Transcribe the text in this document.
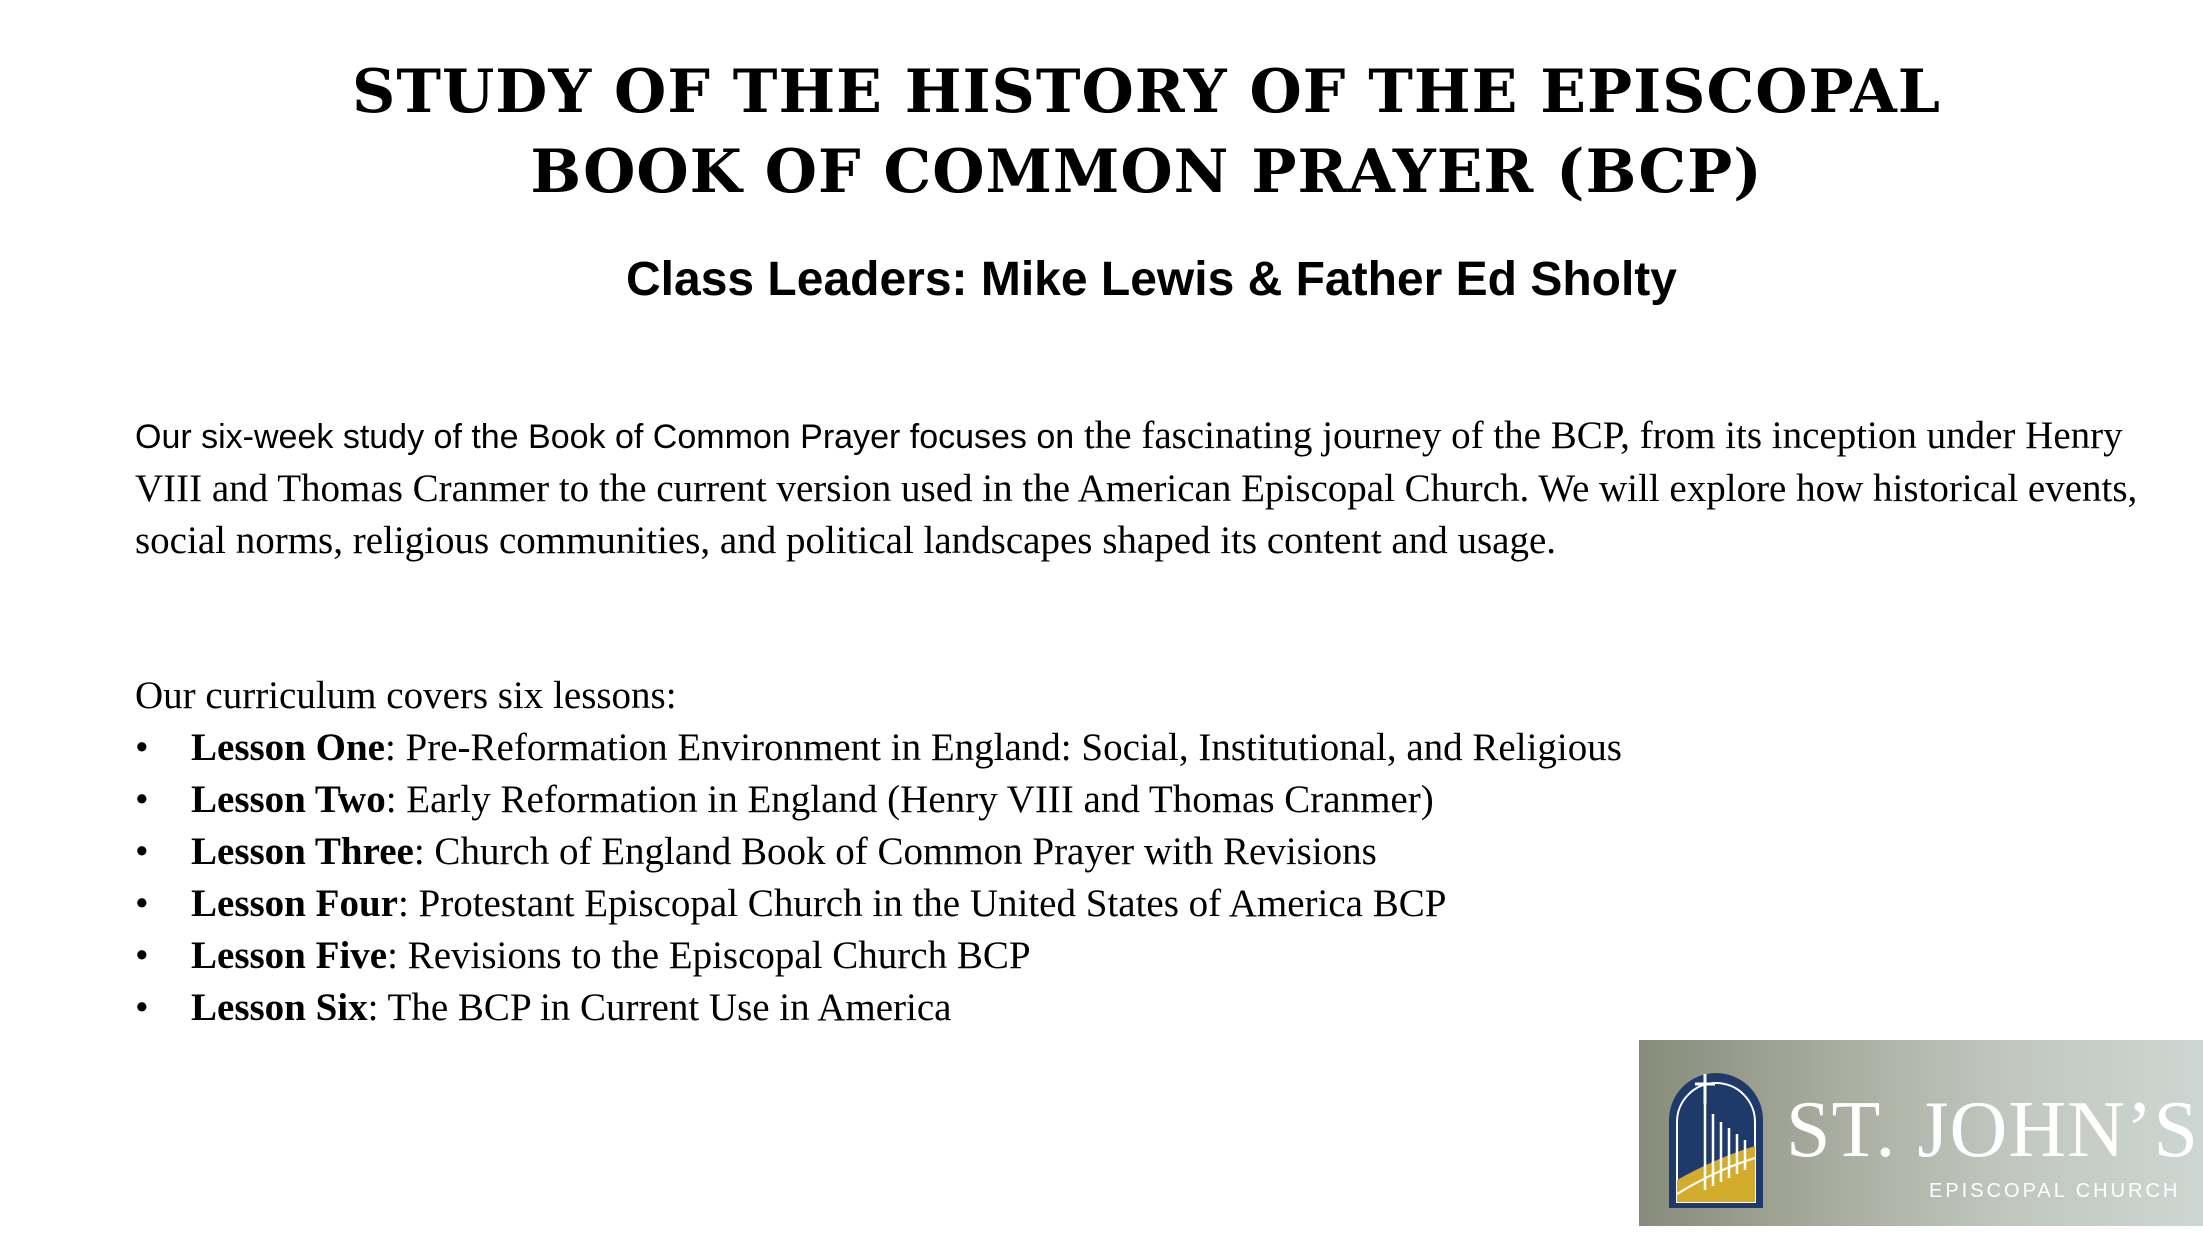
STUDY OF THE HISTORY OF THE EPISCOPAL
BOOK OF COMMON PRAYER (BCP)
Class Leaders: Mike Lewis & Father Ed Sholty

Our six-week study of the Book of Common Prayer focuses on the fascinating journey of the BCP, from its inception under Henry VIII and Thomas Cranmer to the current version used in the American Episcopal Church. We will explore how historical events, social norms, religious communities, and political landscapes shaped its content and usage.

Our curriculum covers six lessons:

• Lesson One: Pre-Reformation Environment in England: Social, Institutional, and Religious
• Lesson Two: Early Reformation in England (Henry VIII and Thomas Cranmer)
• Lesson Three: Church of England Book of Common Prayer with Revisions
• Lesson Four: Protestant Episcopal Church in the United States of America BCP
• Lesson Five: Revisions to the Episcopal Church BCP
• Lesson Six: The BCP in Current Use in America
ST. JOHN’S
EPISCOPAL CHURCH
